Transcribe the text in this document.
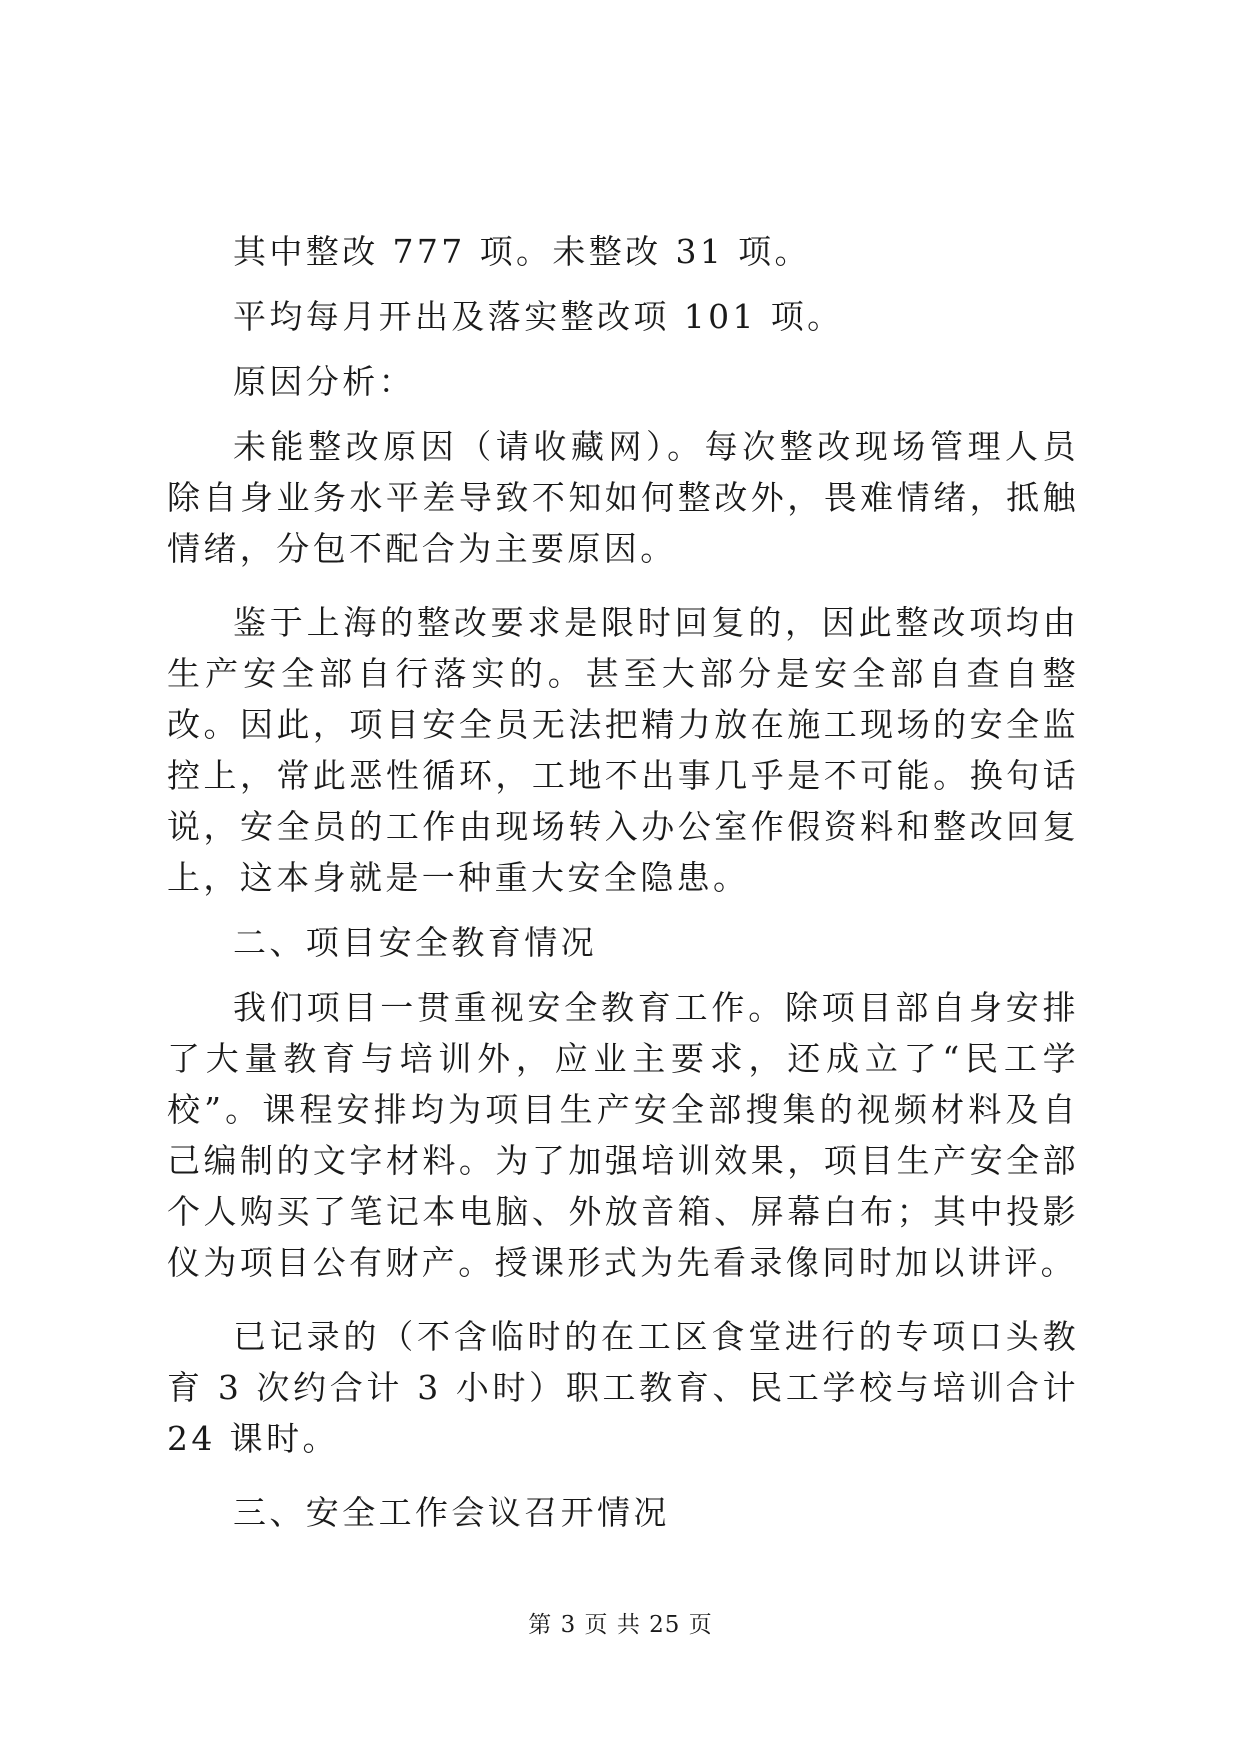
其中整改 777 项。未整改 31 项。

平均每月开出及落实整改项 101 项。

原因分析：

未能整改原因（请收藏网）。每次整改现场管理人员除自身业务水平差导致不知如何整改外，畏难情绪，抵触情绪，分包不配合为主要原因。

鉴于上海的整改要求是限时回复的，因此整改项均由生产安全部自行落实的。甚至大部分是安全部自查自整改。因此，项目安全员无法把精力放在施工现场的安全监控上，常此恶性循环，工地不出事几乎是不可能。换句话说，安全员的工作由现场转入办公室作假资料和整改回复上，这本身就是一种重大安全隐患。

二、项目安全教育情况

我们项目一贯重视安全教育工作。除项目部自身安排了大量教育与培训外，应业主要求，还成立了“民工学校”。课程安排均为项目生产安全部搜集的视频材料及自己编制的文字材料。为了加强培训效果，项目生产安全部个人购买了笔记本电脑、外放音箱、屏幕白布；其中投影仪为项目公有财产。授课形式为先看录像同时加以讲评。

已记录的（不含临时的在工区食堂进行的专项口头教育 3 次约合计 3 小时）职工教育、民工学校与培训合计 24 课时。

三、安全工作会议召开情况

第 3 页 共 25 页
